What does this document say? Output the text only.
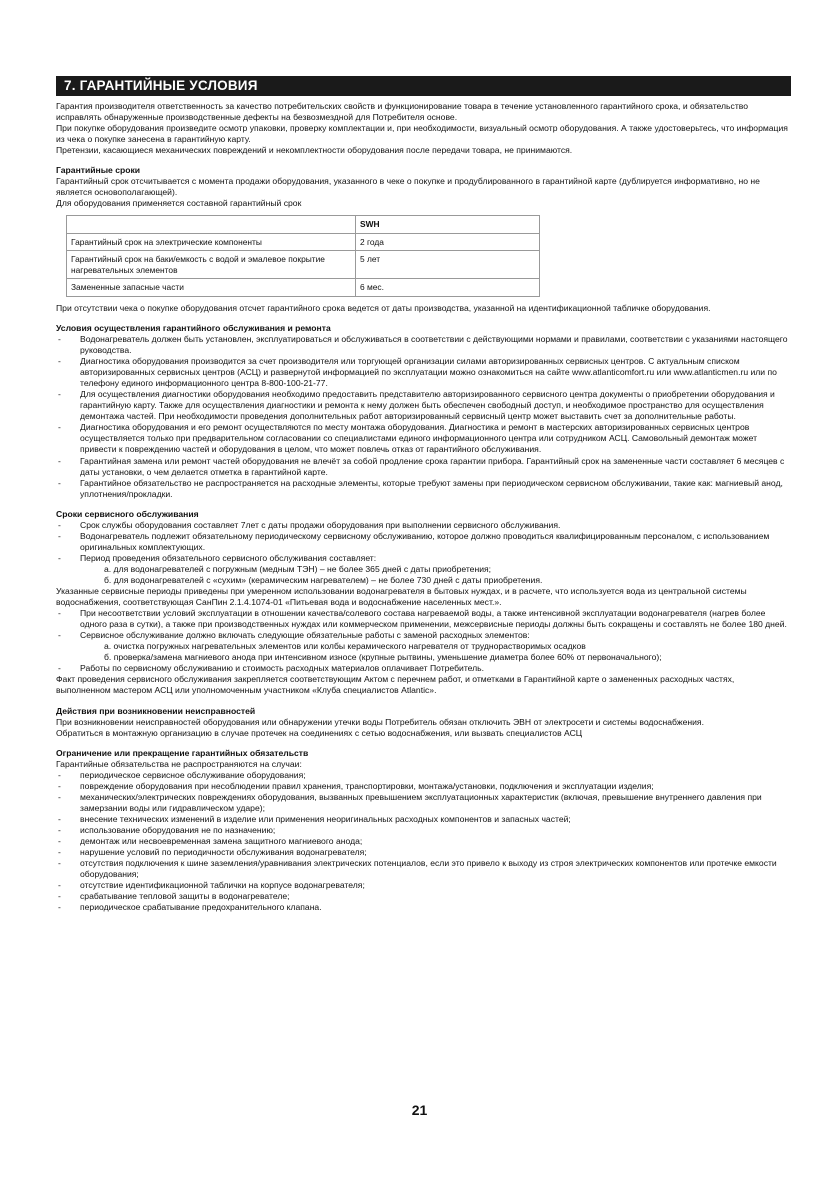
7. ГАРАНТИЙНЫЕ УСЛОВИЯ

Гарантия производителя ответственность за качество потребительских свойств и функционирование товара в течение установленного гарантийного срока, и обязательство исправлять обнаруженные производственные дефекты на безвозмездной для Потребителя основе.

При покупке оборудования произведите осмотр упаковки, проверку комплектации и, при необходимости, визуальный осмотр оборудования. А также удостоверьтесь, что информация из чека о покупке занесена в гарантийную карту.

Претензии, касающиеся механических повреждений и некомплектности оборудования после передачи товара, не принимаются.

Гарантийные сроки

Гарантийный срок отсчитывается с момента продажи оборудования, указанного в чеке о покупке и продублированного в гарантийной карте (дублируется информативно, но не является основополагающей).

Для оборудования применяется составной гарантийный срок

	SWH
Гарантийный срок на электрические компоненты	2 года
Гарантийный срок на баки/емкость с водой и эмалевое покрытие нагревательных элементов	5 лет
Замененные запасные части	6 мес.

При отсутствии чека о покупке оборудования отсчет гарантийного срока ведется от даты производства, указанной на идентификационной табличке оборудования.

Условия осуществления гарантийного обслуживания и ремонта

- Водонагреватель должен быть установлен, эксплуатироваться и обслуживаться в соответствии с действующими нормами и правилами, соответствии с указаниями настоящего руководства.
- Диагностика оборудования производится за счет производителя или торгующей организации силами авторизированных сервисных центров. С актуальным списком авторизированных сервисных центров (АСЦ) и развернутой информацией по эксплуатации можно ознакомиться на сайте www.atlanticomfort.ru или www.atlanticmen.ru или по телефону единого информационного центра 8-800-100-21-77.
- Для осуществления диагностики оборудования необходимо предоставить представителю авторизированного сервисного центра документы о приобретении оборудования и гарантийную карту. Также для осуществления диагностики и ремонта к нему должен быть обеспечен свободный доступ, и необходимое пространство для осуществления демонтажа частей. При необходимости проведения дополнительных работ авторизированный сервисный центр может выставить счет за дополнительные работы.
- Диагностика оборудования и его ремонт осуществляются по месту монтажа оборудования. Диагностика и ремонт в мастерских авторизированных сервисных центров осуществляется только при предварительном согласовании со специалистами единого информационного центра или сотрудником АСЦ. Самовольный демонтаж может привести к повреждению частей и оборудования в целом, что может повлечь отказ от гарантийного обслуживания.
- Гарантийная замена или ремонт частей оборудования не влечёт за собой продление срока гарантии прибора. Гарантийный срок на замененные части составляет 6 месяцев с даты установки, о чем делается отметка в гарантийной карте.
- Гарантийное обязательство не распространяется на расходные элементы, которые требуют замены при периодическом сервисном обслуживании, такие как: магниевый анод, уплотнения/прокладки.

Сроки сервисного обслуживания

- Срок службы оборудования составляет 7лет с даты продажи оборудования при выполнении сервисного обслуживания.
- Водонагреватель подлежит обязательному периодическому сервисному обслуживанию, которое должно проводиться квалифицированным персоналом, с использованием оригинальных комплектующих.
- Период проведения обязательного сервисного обслуживания составляет:

а. для водонагревателей с погружным (медным ТЭН) – не более 365 дней с даты приобретения;

б. для водонагревателей с «сухим» (керамическим нагревателем) – не более 730 дней с даты приобретения.

Указанные сервисные периоды приведены при умеренном использовании водонагревателя в бытовых нуждах, и в расчете, что используется вода из центральной системы водоснабжения, соответствующая СанПин 2.1.4.1074-01 «Питьевая вода и водоснабжение населенных мест.».

- При несоответствии условий эксплуатации в отношении качества/солевого состава нагреваемой воды, а также интенсивной эксплуатации водонагревателя (нагрев более одного раза в сутки), а также при производственных нуждах или коммерческом применении, межсервисные периоды должны быть сокращены и составлять не более 180 дней.
- Сервисное обслуживание должно включать следующие обязательные работы с заменой расходных элементов:

а. очистка погружных нагревательных элементов или колбы керамического нагревателя от труднорастворимых осадков

б. проверка/замена магниевого анода при интенсивном износе (крупные рытвины, уменьшение диаметра более 60% от первоначального);

- Работы по сервисному обслуживанию и стоимость расходных материалов оплачивает Потребитель.

Факт проведения сервисного обслуживания закрепляется соответствующим Актом с перечнем работ, и отметками в Гарантийной карте о замененных расходных частях, выполненном мастером АСЦ или уполномоченным участником «Клуба специалистов Atlantic».

Действия при возникновении неисправностей

При возникновении неисправностей оборудования или обнаружении утечки воды Потребитель обязан отключить ЭВН от электросети и системы водоснабжения.

Обратиться в монтажную организацию в случае протечек на соединениях с сетью водоснабжения, или вызвать специалистов АСЦ

Ограничение или прекращение гарантийных обязательств

Гарантийные обязательства не распространяются на случаи:

- периодическое сервисное обслуживание оборудования;
- повреждение оборудования при несоблюдении правил хранения, транспортировки, монтажа/установки, подключения и эксплуатации изделия;
- механических/электрических повреждениях оборудования, вызванных превышением эксплуатационных характеристик (включая, превышение внутреннего давления при замерзании воды или гидравлическом ударе);
- внесение технических изменений в изделие или применения неоригинальных расходных компонентов и запасных частей;
- использование оборудования не по назначению;
- демонтаж или несвоевременная замена защитного магниевого анода;
- нарушение условий по периодичности обслуживания водонагревателя;
- отсутствия подключения к шине заземления/уравнивания электрических потенциалов, если это привело к выходу из строя электрических компонентов или протечке емкости оборудования;
- отсутствие идентификационной таблички на корпусе водонагревателя;
- срабатывание тепловой защиты в водонагревателе;
- периодическое срабатывание предохранительного клапана.
21
